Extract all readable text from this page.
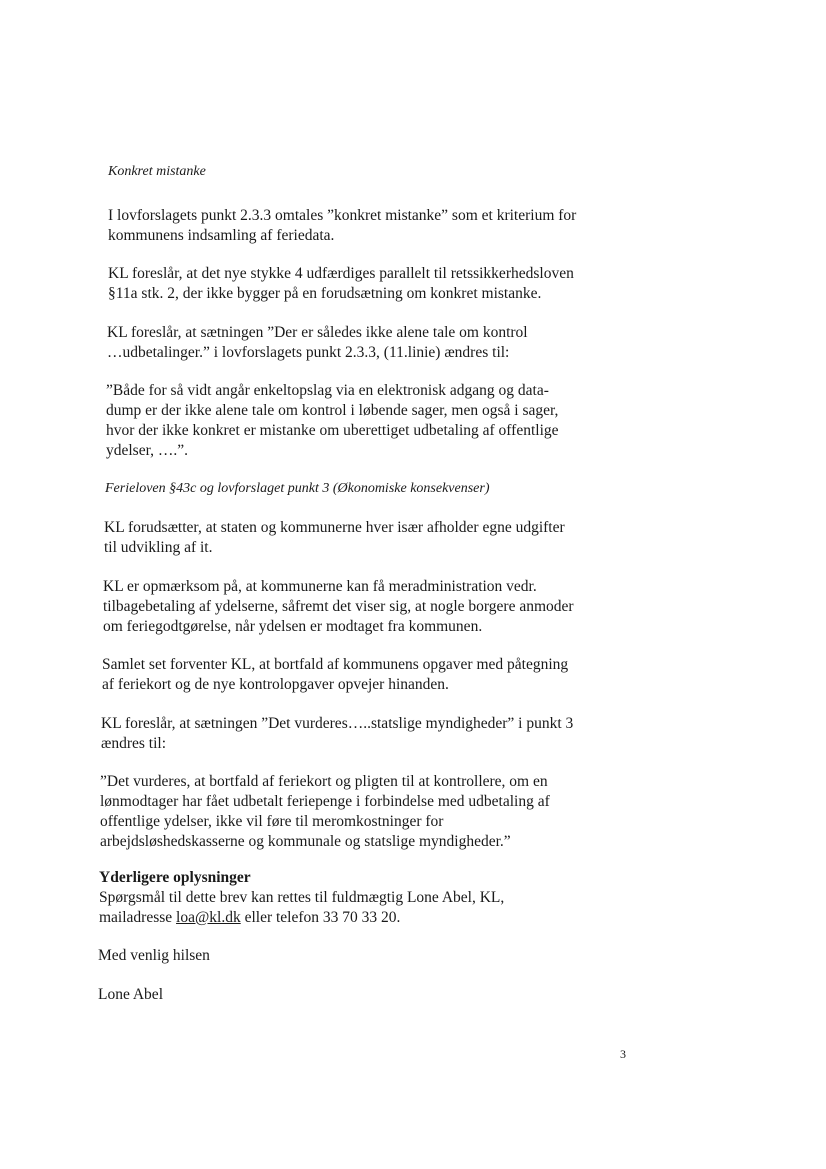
Konkret mistanke
I lovforslagets punkt 2.3.3 omtales ”konkret mistanke” som et kriterium for
kommunens indsamling af feriedata.
KL foreslår, at det nye stykke 4 udfærdiges parallelt til retssikkerhedsloven
§11a stk. 2, der ikke bygger på en forudsætning om konkret mistanke.
KL foreslår, at sætningen ”Der er således ikke alene tale om kontrol
…udbetalinger.” i lovforslagets punkt 2.3.3, (11.linie) ændres til:
”Både for så vidt angår enkeltopslag via en elektronisk adgang og data-
dump er der ikke alene tale om kontrol i løbende sager, men også i sager,
hvor der ikke konkret er mistanke om uberettiget udbetaling af offentlige
ydelser, ….”.
Ferieloven §43c og lovforslaget punkt 3 (Økonomiske konsekvenser)
KL forudsætter, at staten og kommunerne hver især afholder egne udgifter
til udvikling af it.
KL er opmærksom på, at kommunerne kan få meradministration vedr.
tilbagebetaling af ydelserne, såfremt det viser sig, at nogle borgere anmoder
om feriegodtgørelse, når ydelsen er modtaget fra kommunen.
Samlet set forventer KL, at bortfald af kommunens opgaver med påtegning
af feriekort og de nye kontrolopgaver opvejer hinanden.
KL foreslår, at sætningen ”Det vurderes…..statslige myndigheder” i punkt 3
ændres til:
”Det vurderes, at bortfald af feriekort og pligten til at kontrollere, om en
lønmodtager har fået udbetalt feriepenge i forbindelse med udbetaling af
offentlige ydelser, ikke vil føre til meromkostninger for
arbejdsløshedskasserne og kommunale og statslige myndigheder.”
Yderligere oplysninger
Spørgsmål til dette brev kan rettes til fuldmægtig Lone Abel, KL,
mailadresse loa@kl.dk eller telefon 33 70 33 20.
Med venlig hilsen
Lone Abel
3
